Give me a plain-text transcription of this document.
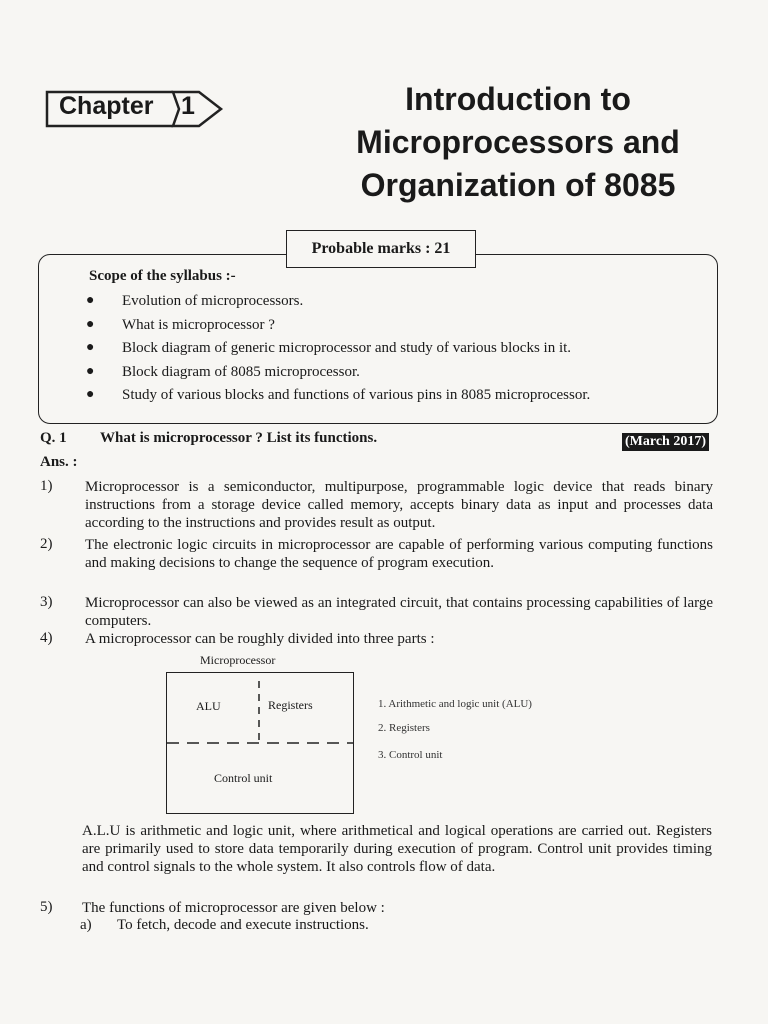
Chapter 1	Introduction to
Microprocessors and
Organization of 8085
Probable marks : 21
Scope of the syllabus :-
● Evolution of microprocessors.
● What is microprocessor ?
● Block diagram of generic microprocessor and study of various blocks in it.
● Block diagram of 8085 microprocessor.
● Study of various blocks and functions of various pins in 8085 microprocessor.
Q. 1 What is microprocessor ? List its functions.	(March 2017)
Ans. :
1) Microprocessor is a semiconductor, multipurpose, programmable logic device that reads binary instructions from a storage device called memory, accepts binary data as input and processes data according to the instructions and provides result as output.
2) The electronic logic circuits in microprocessor are capable of performing various computing functions and making decisions to change the sequence of program execution.
3) Microprocessor can also be viewed as an integrated circuit, that contains processing capabilities of large computers.
4) A microprocessor can be roughly divided into three parts :
Microprocessor
ALU	Registers
Control unit
1. Arithmetic and logic unit (ALU)
2. Registers
3. Control unit
A.L.U is arithmetic and logic unit, where arithmetical and logical operations are carried out. Registers are primarily used to store data temporarily during execution of program. Control unit provides timing and control signals to the whole system. It also controls flow of data.
5) The functions of microprocessor are given below :
a) To fetch, decode and execute instructions.
